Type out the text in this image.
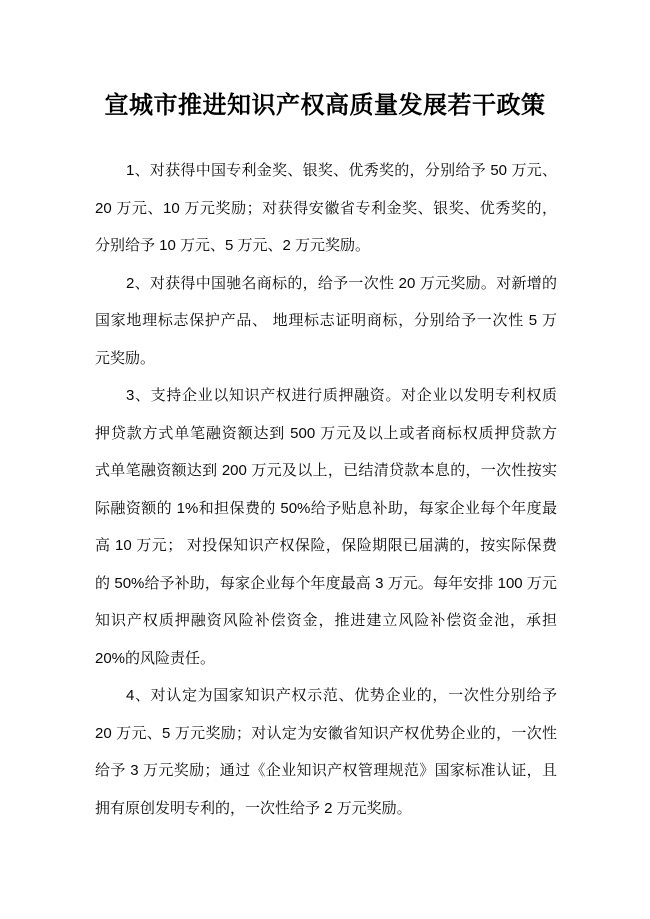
宣城市推进知识产权高质量发展若干政策
1、对获得中国专利金奖、银奖、优秀奖的，分别给予 50 万元、
20 万元、10 万元奖励；对获得安徽省专利金奖、银奖、优秀奖的，
分别给予 10 万元、5 万元、2 万元奖励。
2、对获得中国驰名商标的，给予一次性 20 万元奖励。对新增的
国家地理标志保护产品、 地理标志证明商标，分别给予一次性 5 万
元奖励。
3、支持企业以知识产权进行质押融资。对企业以发明专利权质
押贷款方式单笔融资额达到 500 万元及以上或者商标权质押贷款方
式单笔融资额达到 200 万元及以上，已结清贷款本息的，一次性按实
际融资额的 1%和担保费的 50%给予贴息补助，每家企业每个年度最
高 10 万元； 对投保知识产权保险，保险期限已届满的，按实际保费
的 50%给予补助，每家企业每个年度最高 3 万元。每年安排 100 万元
知识产权质押融资风险补偿资金，推进建立风险补偿资金池，承担
20%的风险责任。
4、对认定为国家知识产权示范、优势企业的，一次性分别给予
20 万元、5 万元奖励；对认定为安徽省知识产权优势企业的，一次性
给予 3 万元奖励；通过《企业知识产权管理规范》国家标准认证，且
拥有原创发明专利的，一次性给予 2 万元奖励。
